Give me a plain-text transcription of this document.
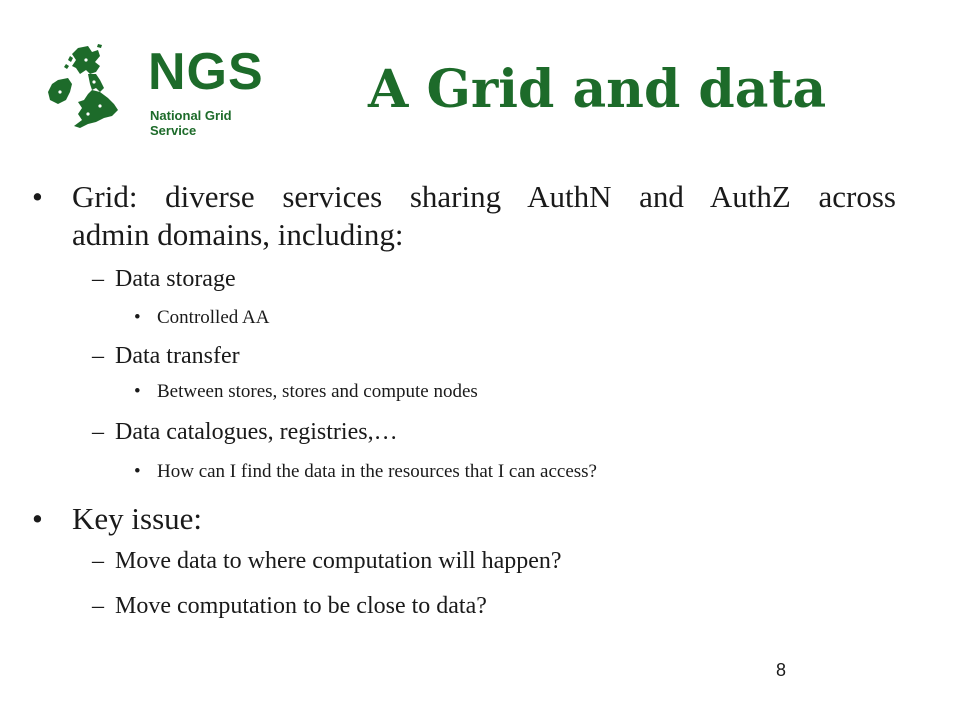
NGS
National Grid Service
A Grid and data
• Grid: diverse services sharing AuthN and AuthZ across
admin domains, including:
– Data storage
• Controlled AA
– Data transfer
• Between stores, stores and compute nodes
– Data catalogues, registries,…
• How can I find the data in the resources that I can access?
• Key issue:
– Move data to where computation will happen?
– Move computation to be close to data?
8
